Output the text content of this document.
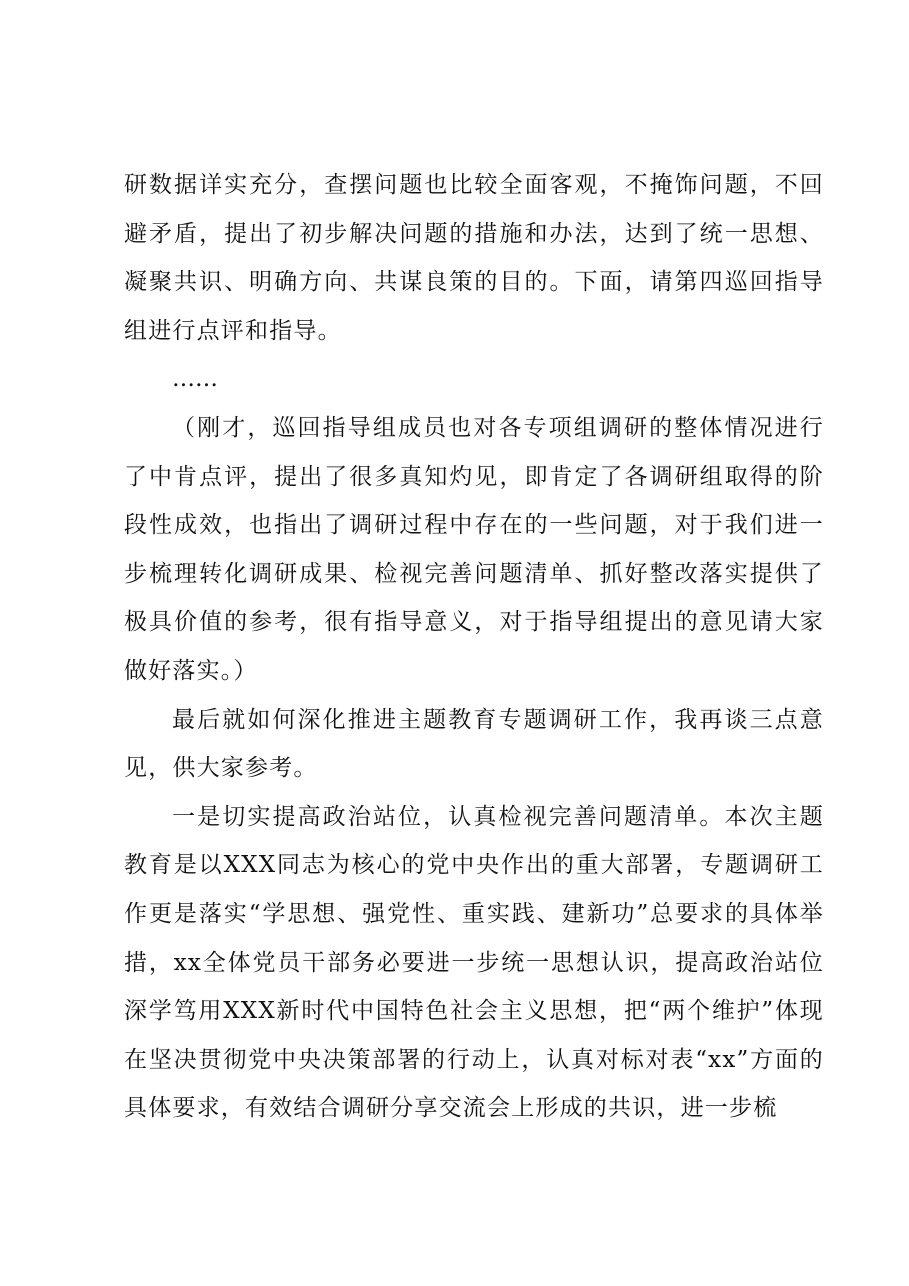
研数据详实充分，查摆问题也比较全面客观，不掩饰问题，不回避矛盾，提出了初步解决问题的措施和办法，达到了统一思想、凝聚共识、明确方向、共谋良策的目的。下面，请第四巡回指导组进行点评和指导。

……

（刚才，巡回指导组成员也对各专项组调研的整体情况进行了中肯点评，提出了很多真知灼见，即肯定了各调研组取得的阶段性成效，也指出了调研过程中存在的一些问题，对于我们进一步梳理转化调研成果、检视完善问题清单、抓好整改落实提供了极具价值的参考，很有指导意义，对于指导组提出的意见请大家做好落实。）

最后就如何深化推进主题教育专题调研工作，我再谈三点意见，供大家参考。

一是切实提高政治站位，认真检视完善问题清单。本次主题教育是以XXX同志为核心的党中央作出的重大部署，专题调研工作更是落实“学思想、强党性、重实践、建新功”总要求的具体举措，xx全体党员干部务必要进一步统一思想认识，提高政治站位深学笃用XXX新时代中国特色社会主义思想，把“两个维护”体现在坚决贯彻党中央决策部署的行动上，认真对标对表“xx”方面的具体要求，有效结合调研分享交流会上形成的共识，进一步梳
